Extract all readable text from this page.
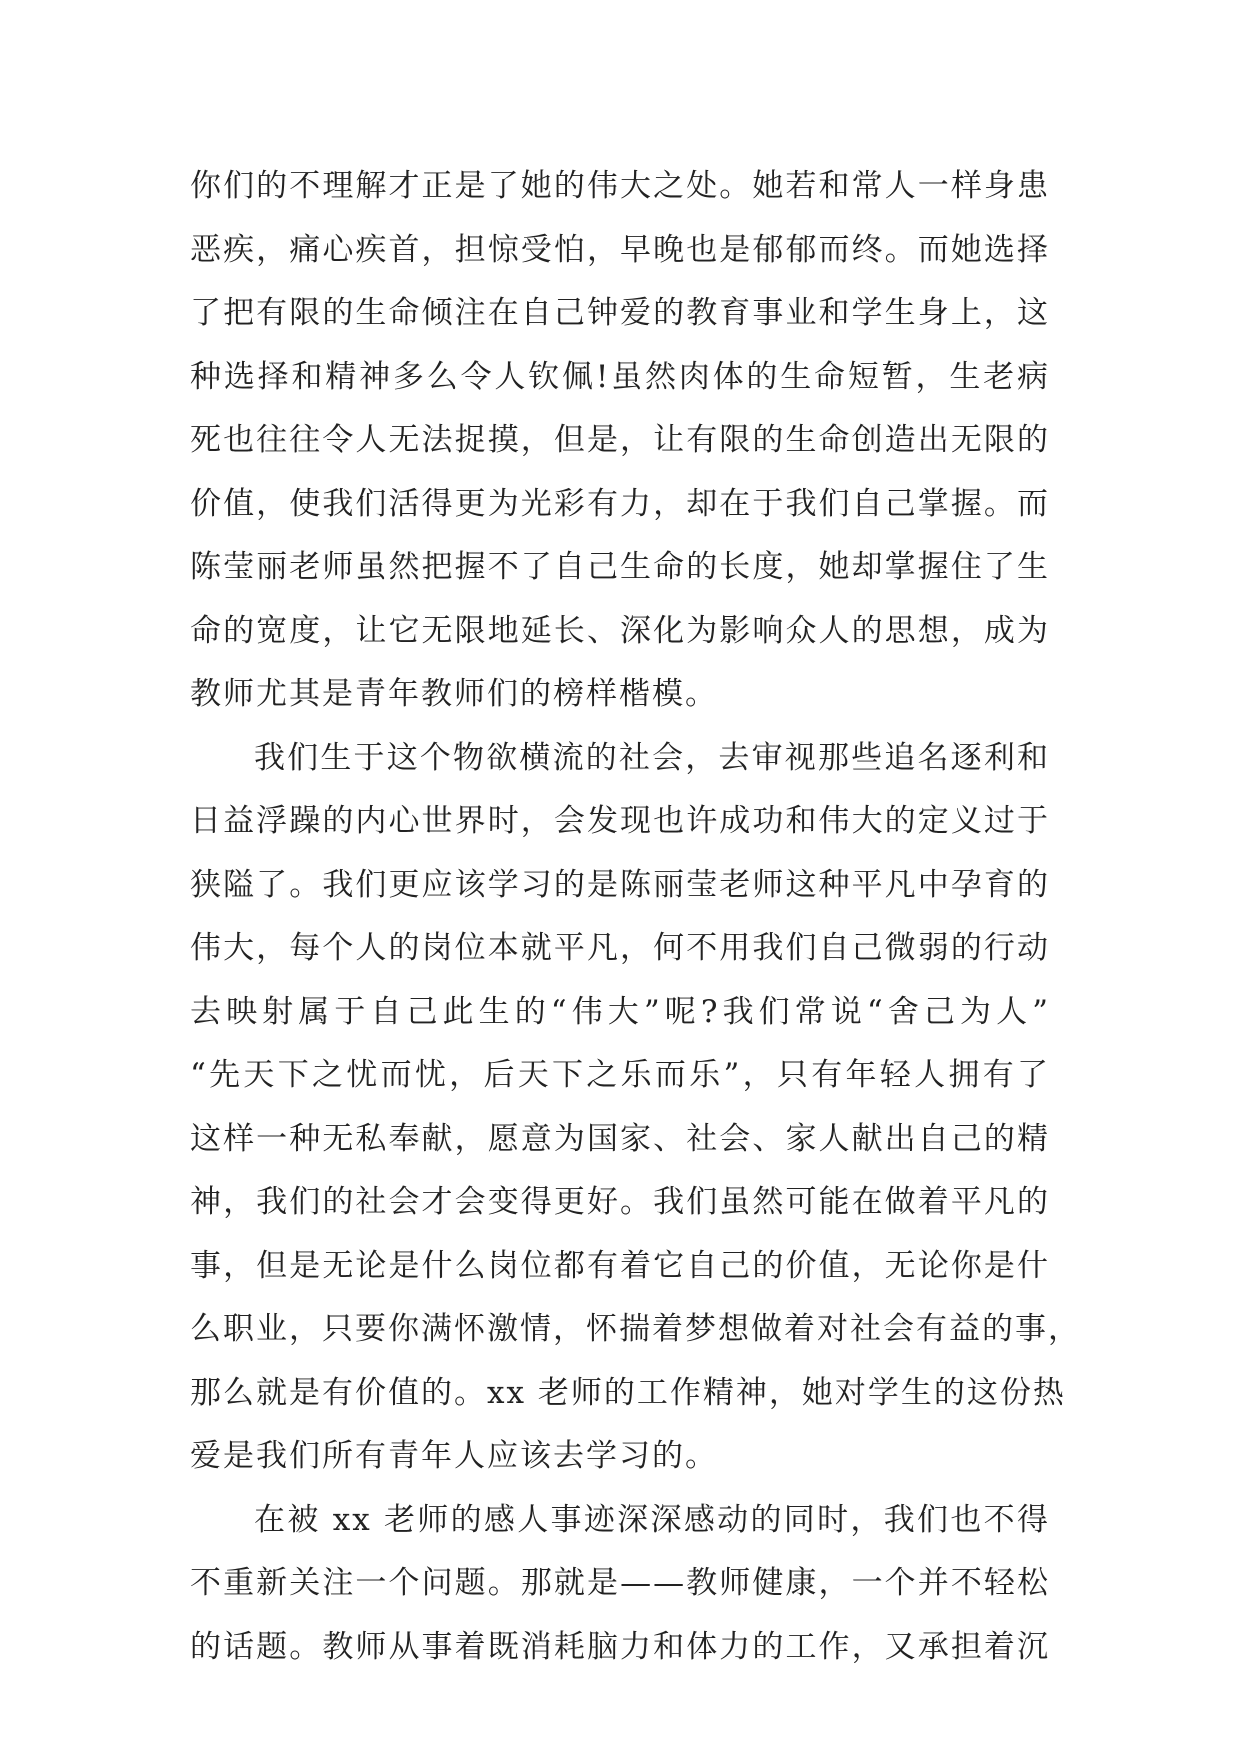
你们的不理解才正是了她的伟大之处。她若和常人一样身患
恶疾，痛心疾首，担惊受怕，早晚也是郁郁而终。而她选择
了把有限的生命倾注在自己钟爱的教育事业和学生身上，这
种选择和精神多么令人钦佩!虽然肉体的生命短暂，生老病
死也往往令人无法捉摸，但是，让有限的生命创造出无限的
价值，使我们活得更为光彩有力，却在于我们自己掌握。而
陈莹丽老师虽然把握不了自己生命的长度，她却掌握住了生
命的宽度，让它无限地延长、深化为影响众人的思想，成为
教师尤其是青年教师们的榜样楷模。
我们生于这个物欲横流的社会，去审视那些追名逐利和
日益浮躁的内心世界时，会发现也许成功和伟大的定义过于
狭隘了。我们更应该学习的是陈丽莹老师这种平凡中孕育的
伟大，每个人的岗位本就平凡，何不用我们自己微弱的行动
去映射属于自己此生的“伟大”呢?我们常说“舍己为人”
“先天下之忧而忧，后天下之乐而乐”，只有年轻人拥有了
这样一种无私奉献，愿意为国家、社会、家人献出自己的精
神，我们的社会才会变得更好。我们虽然可能在做着平凡的
事，但是无论是什么岗位都有着它自己的价值，无论你是什
么职业，只要你满怀激情，怀揣着梦想做着对社会有益的事，
那么就是有价值的。xx 老师的工作精神，她对学生的这份热
爱是我们所有青年人应该去学习的。
在被 xx 老师的感人事迹深深感动的同时，我们也不得
不重新关注一个问题。那就是——教师健康，一个并不轻松
的话题。教师从事着既消耗脑力和体力的工作，又承担着沉
